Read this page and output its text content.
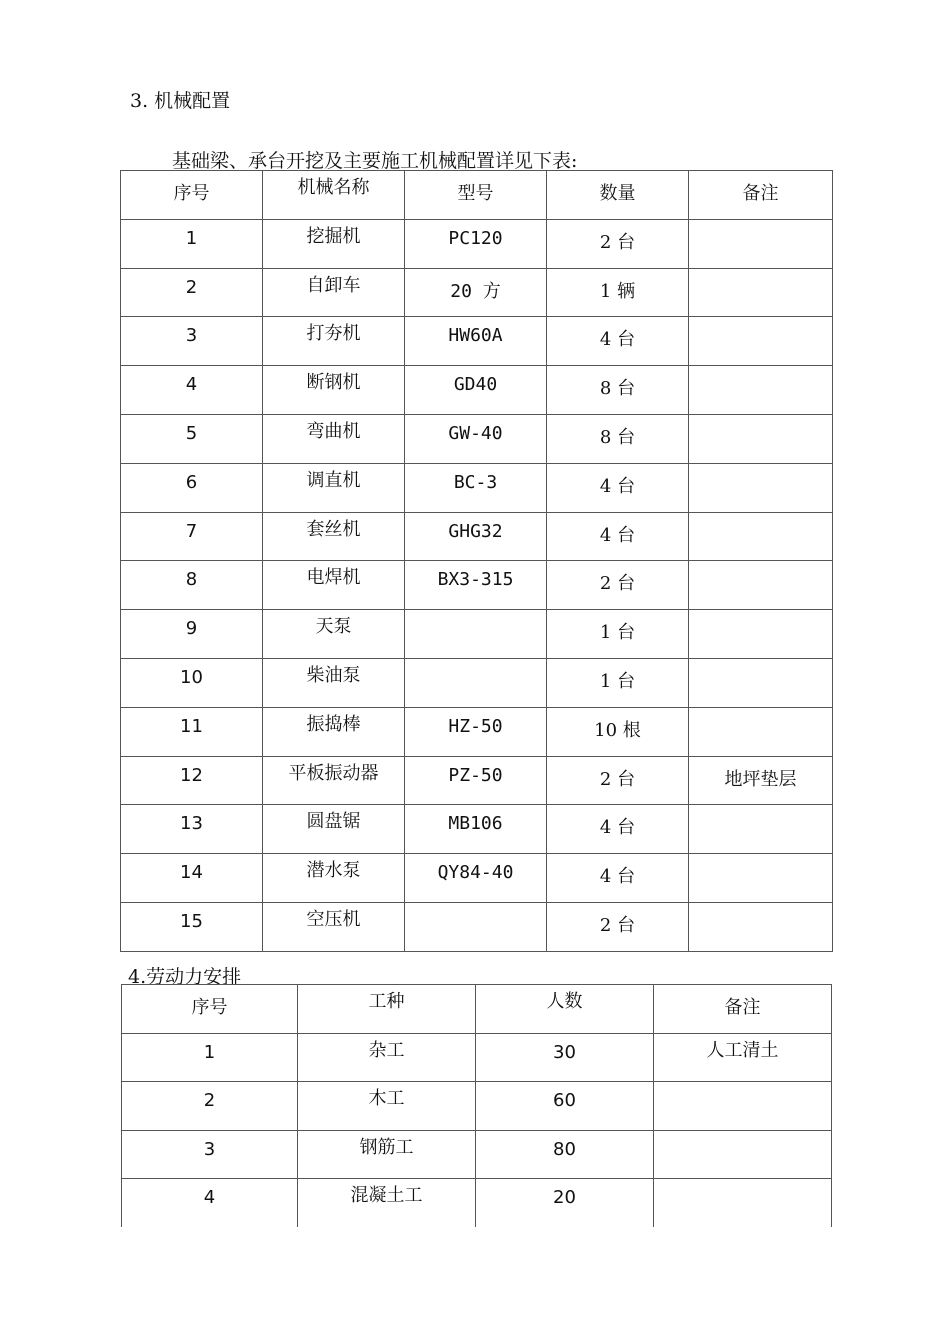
3. 机械配置
基础梁、承台开挖及主要施工机械配置详见下表:
序号	机械名称	型号	数量	备注

1	挖掘机	PC120	2 台	

2	自卸车	20 方	1 辆	

3	打夯机	HW60A	4 台	

4	断钢机	GD40	8 台	

5	弯曲机	GW-40	8 台	

6	调直机	BC-3	4 台	

7	套丝机	GHG32	4 台	

8	电焊机	BX3-315	2 台	

9	天泵		1 台	

10	柴油泵		1 台	

11	振捣棒	HZ-50	10 根	

12	平板振动器	PZ-50	2 台	地坪垫层

13	圆盘锯	MB106	4 台	

14	潜水泵	QY84-40	4 台	

15	空压机		2 台	

4.劳动力安排
序号	工种	人数	备注

1	杂工	30	人工清土

2	木工	60	

3	钢筋工	80	

4	混凝土工	20	
